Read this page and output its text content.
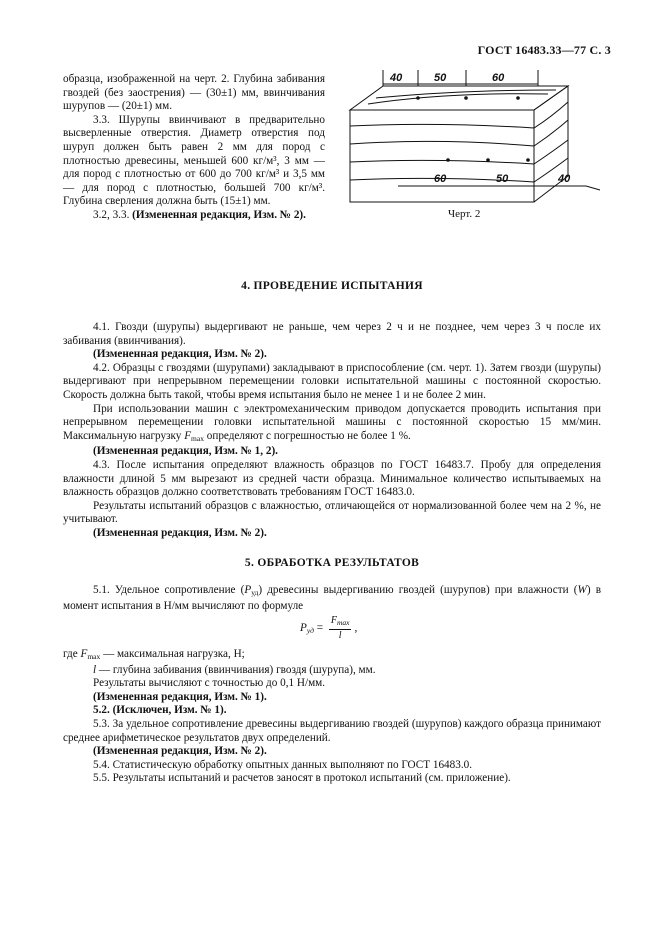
ГОСТ 16483.33—77 С. 3

образца, изображенной на черт. 2. Глубина забивания гвоздей (без заострения) — (30±1) мм, ввинчивания шурупов — (20±1) мм.

3.3. Шурупы ввинчивают в предварительно высверленные отверстия. Диаметр отверстия под шуруп должен быть равен 2 мм для пород с плотностью древесины, меньшей 600 кг/м³, 3 мм — для пород с плотностью от 600 до 700 кг/м³ и 3,5 мм — для пород с плотностью, большей 700 кг/м³. Глубина сверления должна быть (15±1) мм.

3.2, 3.3. (Измененная редакция, Изм. № 2).

40	50	60
60	50	40
Черт. 2
4. ПРОВЕДЕНИЕ ИСПЫТАНИЯ

4.1. Гвозди (шурупы) выдергивают не раньше, чем через 2 ч и не позднее, чем через 3 ч после их забивания (ввинчивания).

(Измененная редакция, Изм. № 2).

4.2. Образцы с гвоздями (шурупами) закладывают в приспособление (см. черт. 1). Затем гвозди (шурупы) выдергивают при непрерывном перемещении головки испытательной машины с постоянной скоростью. Скорость должна быть такой, чтобы время испытания было не менее 1 и не более 2 мин.

При использовании машин с электромеханическим приводом допускается проводить испытания при непрерывном перемещении головки испытательной машины с постоянной скоростью 15 мм/мин. Максимальную нагрузку $F_{max}$ определяют с погрешностью не более 1 %.

(Измененная редакция, Изм. № 1, 2).

4.3. После испытания определяют влажность образцов по ГОСТ 16483.7. Пробу для определения влажности длиной 5 мм вырезают из средней части образца. Минимальное количество испытываемых на влажность образцов должно соответствовать требованиям ГОСТ 16483.0.

Результаты испытаний образцов с влажностью, отличающейся от нормализованной более чем на 2 %, не учитывают.

(Измененная редакция, Изм. № 2).

5. ОБРАБОТКА РЕЗУЛЬТАТОВ

5.1. Удельное сопротивление $(P_{уд})$ древесины выдергиванию гвоздей (шурупов) при влажности (W) в момент испытания в Н/мм вычисляют по формуле

$P_{уд} = \frac{F_{max}}{l}$ ,

где $F_{max}$ — максимальная нагрузка, Н;

l — глубина забивания (ввинчивания) гвоздя (шурупа), мм.

Результаты вычисляют с точностью до 0,1 Н/мм.

(Измененная редакция, Изм. № 1).

5.2. (Исключен, Изм. № 1).

5.3. За удельное сопротивление древесины выдергиванию гвоздей (шурупов) каждого образца принимают среднее арифметическое результатов двух определений.

(Измененная редакция, Изм. № 2).

5.4. Статистическую обработку опытных данных выполняют по ГОСТ 16483.0.

5.5. Результаты испытаний и расчетов заносят в протокол испытаний (см. приложение).
